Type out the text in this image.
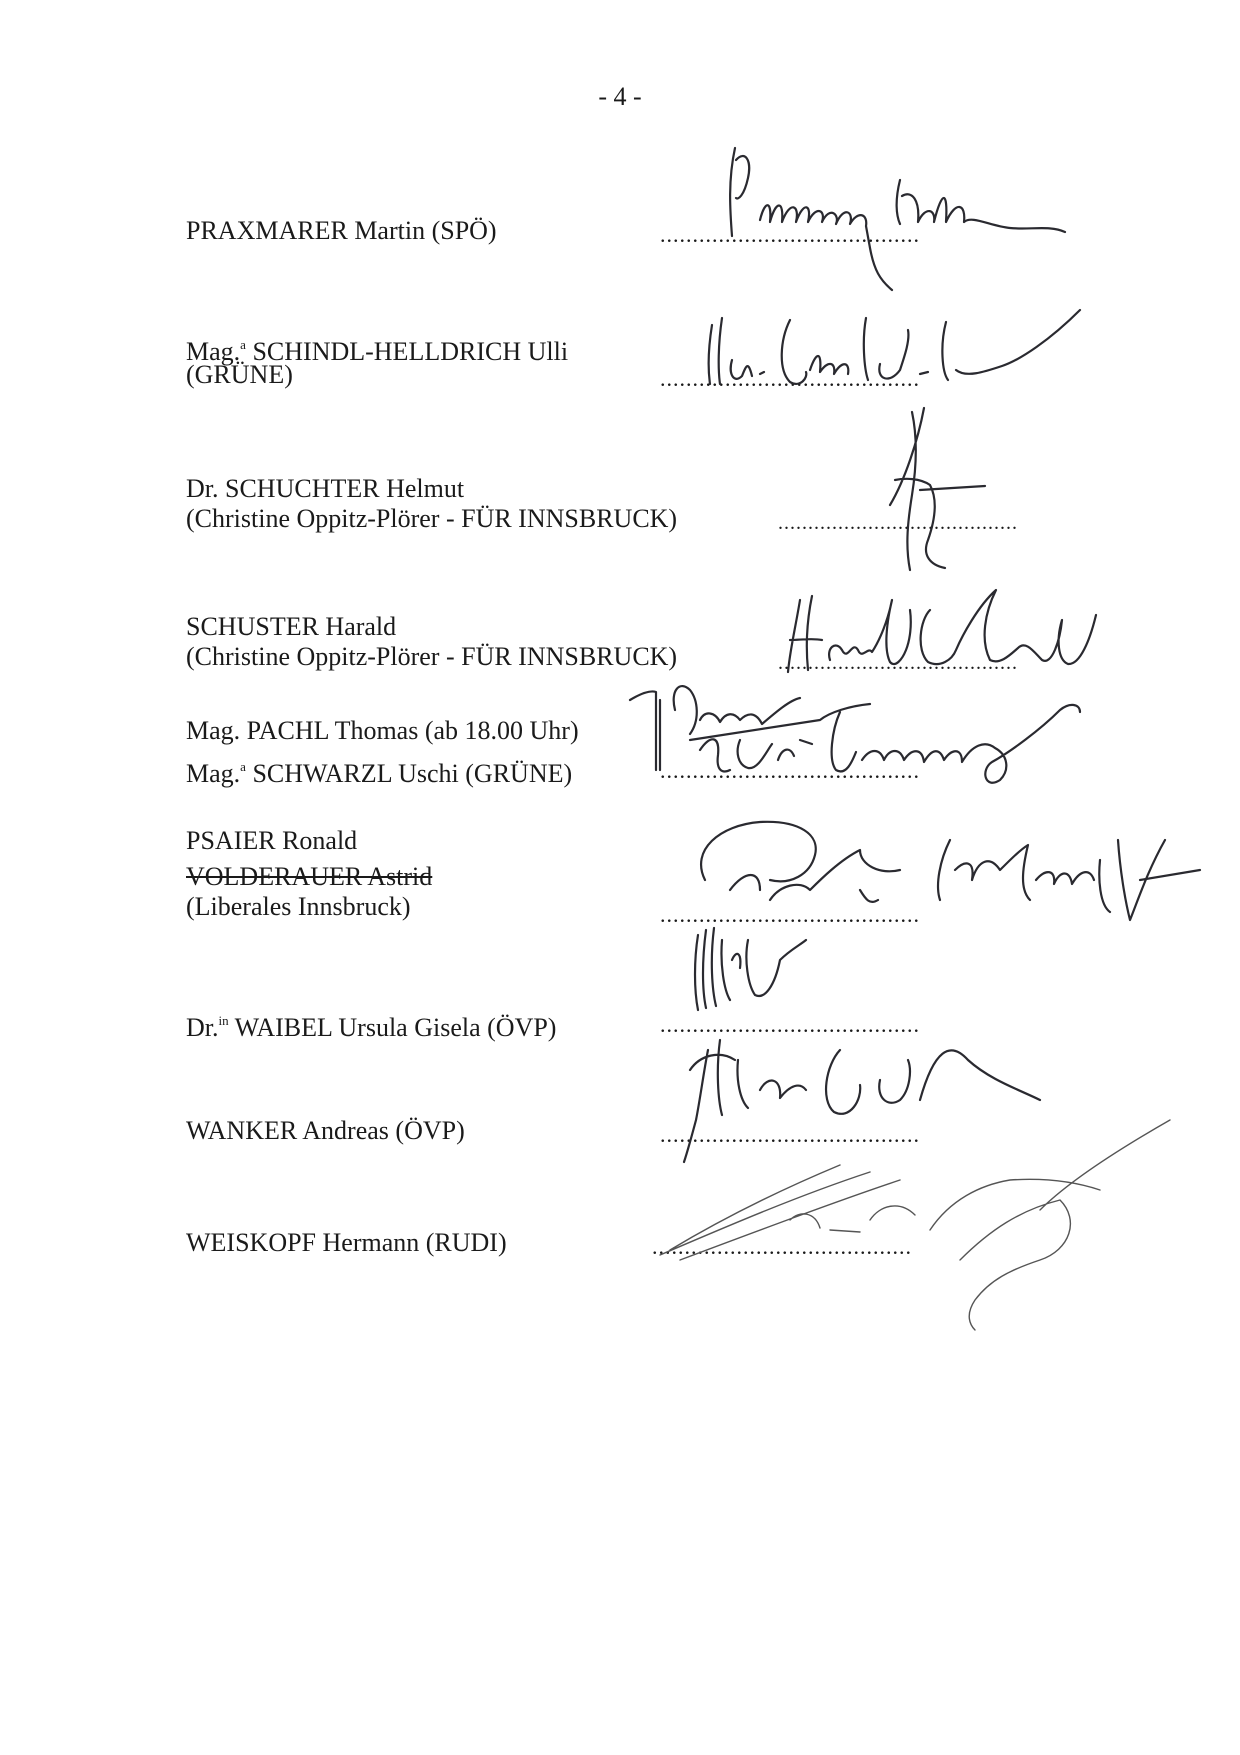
- 4 -
PRAXMARER Martin (SPÖ)	........................................
Mag.$^a$ SCHINDL-HELLDRICH Ulli
(GRÜNE)	........................................
Dr. SCHUCHTER Helmut
(Christine Oppitz-Plörer - FÜR INNSBRUCK)	........................................
SCHUSTER Harald
(Christine Oppitz-Plörer - FÜR INNSBRUCK)	........................................
Mag. PACHL Thomas (ab 18.00 Uhr)
Mag.$^a$ SCHWARZL Uschi (GRÜNE)	........................................
PSAIER Ronald
VOLDERAUER Astrid
(Liberales Innsbruck)	........................................
Dr.$^{in}$ WAIBEL Ursula Gisela (ÖVP)	........................................
WANKER Andreas (ÖVP)	........................................
WEISKOPF Hermann (RUDI)	........................................
